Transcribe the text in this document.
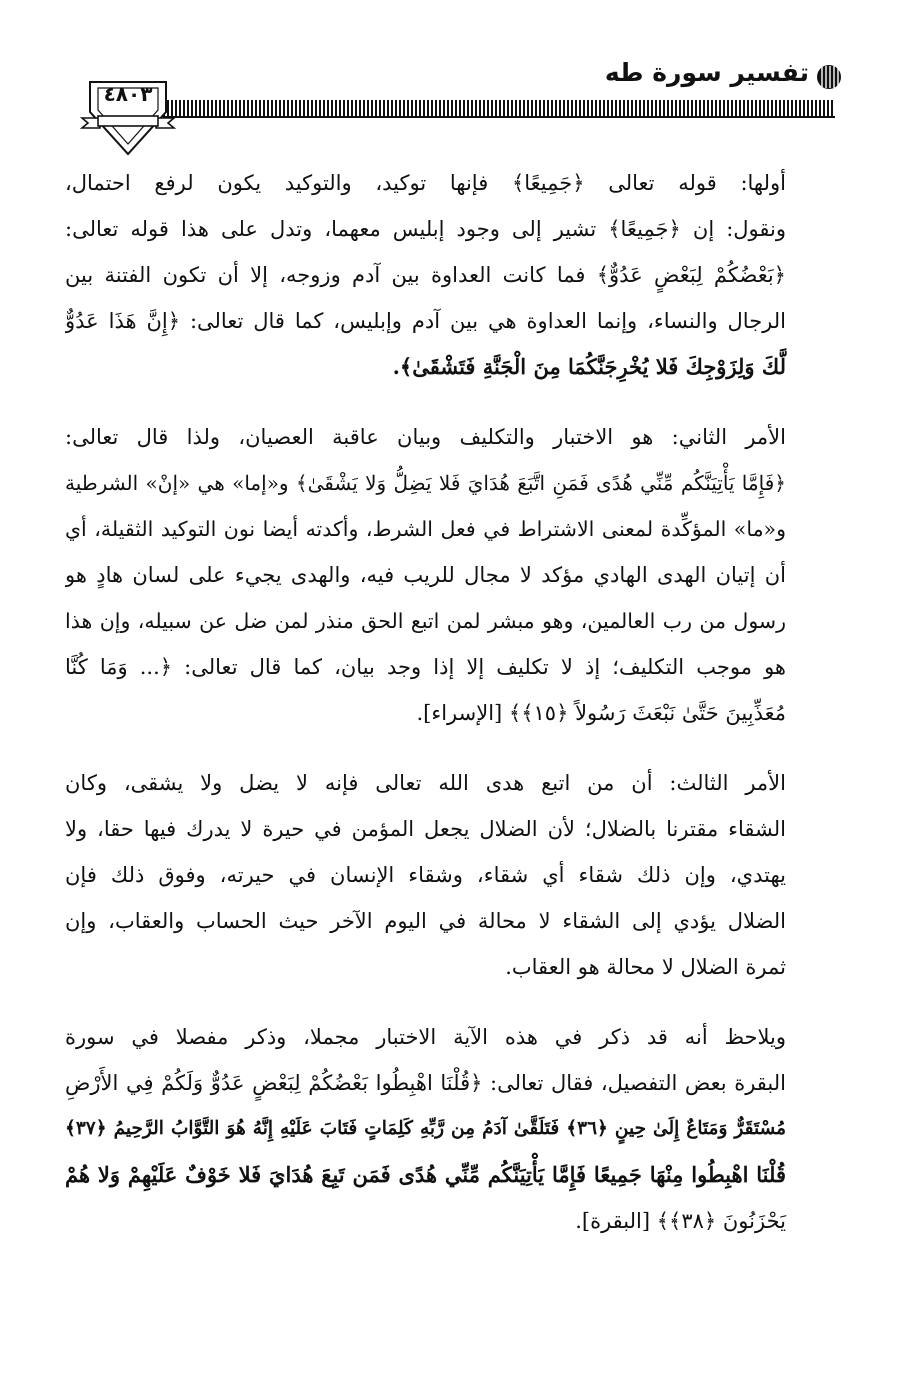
تفسير سورة طه
٤٨٠٣

أولها: قوله تعالى ﴿جَمِيعًا﴾ فإنها توكيد، والتوكيد يكون لرفع احتمال،
ونقول: إن ﴿جَمِيعًا﴾ تشير إلى وجود إبليس معهما، وتدل على هذا قوله تعالى:
﴿بَعْضُكُمْ لِبَعْضٍ عَدُوٌّ﴾ فما كانت العداوة بين آدم وزوجه، إلا أن تكون الفتنة بين
الرجال والنساء، وإنما العداوة هي بين آدم وإبليس، كما قال تعالى: ﴿إِنَّ هَذَا عَدُوٌّ
لَّكَ وَلِزَوْجِكَ فَلا يُخْرِجَنَّكُمَا مِنَ الْجَنَّةِ فَتَشْقَىٰ﴾.

الأمر الثاني: هو الاختبار والتكليف وبيان عاقبة العصيان، ولذا قال تعالى:
﴿فَإِمَّا يَأْتِيَنَّكُم مِّنِّي هُدًى فَمَنِ اتَّبَعَ هُدَايَ فَلا يَضِلُّ وَلا يَشْقَىٰ﴾ و«إما» هي «إنْ» الشرطية
و«ما» المؤكِّدة لمعنى الاشتراط في فعل الشرط، وأكدته أيضا نون التوكيد الثقيلة، أي
أن إتيان الهدى الهادي مؤكد لا مجال للريب فيه، والهدى يجيء على لسان هادٍ هو
رسول من رب العالمين، وهو مبشر لمن اتبع الحق منذر لمن ضل عن سبيله، وإن هذا
هو موجب التكليف؛ إذ لا تكليف إلا إذا وجد بيان، كما قال تعالى: ﴿... وَمَا كُنَّا
مُعَذِّبِينَ حَتَّىٰ نَبْعَثَ رَسُولاً ﴿١٥﴾﴾ [الإسراء].

الأمر الثالث: أن من اتبع هدى الله تعالى فإنه لا يضل ولا يشقى، وكان
الشقاء مقترنا بالضلال؛ لأن الضلال يجعل المؤمن في حيرة لا يدرك فيها حقا، ولا
يهتدي، وإن ذلك شقاء أي شقاء، وشقاء الإنسان في حيرته، وفوق ذلك فإن
الضلال يؤدي إلى الشقاء لا محالة في اليوم الآخر حيث الحساب والعقاب، وإن
ثمرة الضلال لا محالة هو العقاب.

ويلاحظ أنه قد ذكر في هذه الآية الاختبار مجملا، وذكر مفصلا في سورة
البقرة بعض التفصيل، فقال تعالى: ﴿قُلْنَا اهْبِطُوا بَعْضُكُمْ لِبَعْضٍ عَدُوٌّ وَلَكُمْ فِي الأَرْضِ
مُسْتَقَرٌّ وَمَتَاعٌ إِلَىٰ حِينٍ ﴿٣٦﴾ فَتَلَقَّىٰ آدَمُ مِن رَّبِّهِ كَلِمَاتٍ فَتَابَ عَلَيْهِ إِنَّهُ هُوَ التَّوَّابُ الرَّحِيمُ ﴿٣٧﴾
قُلْنَا اهْبِطُوا مِنْهَا جَمِيعًا فَإِمَّا يَأْتِيَنَّكُم مِّنِّي هُدًى فَمَن تَبِعَ هُدَايَ فَلا خَوْفٌ عَلَيْهِمْ وَلا هُمْ
يَحْزَنُونَ ﴿٣٨﴾﴾ [البقرة].
